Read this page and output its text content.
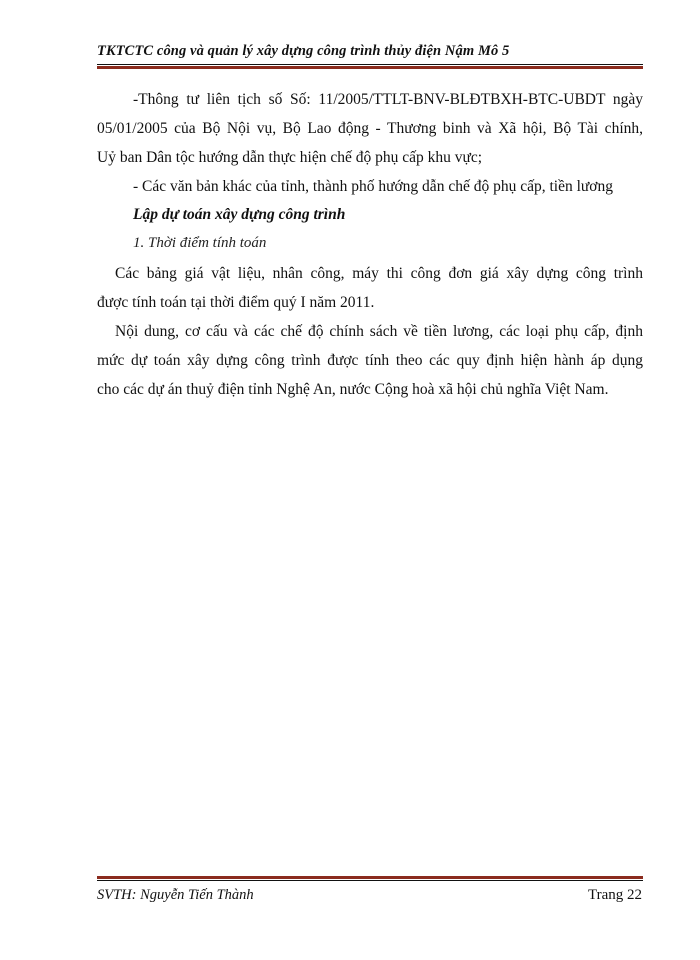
TKTCTC công và quản lý xây dựng công trình thủy điện Nậm Mô 5
-Thông tư liên tịch số Số: 11/2005/TTLT-BNV-BLĐTBXH-BTC-UBDT ngày
05/01/2005 của Bộ Nội vụ, Bộ Lao động - Thương binh và Xã hội, Bộ Tài chính,
Uỷ ban Dân tộc hướng dẫn thực hiện chế độ phụ cấp khu vực;
- Các văn bản khác của tỉnh, thành phố hướng dẫn chế độ phụ cấp, tiền lương
Lập dự toán xây dựng công trình
1. Thời điểm tính toán
Các bảng giá vật liệu, nhân công, máy thi công đơn giá xây dựng công trình
được tính toán tại thời điểm quý I năm 2011.
Nội dung, cơ cấu và các chế độ chính sách về tiền lương, các loại phụ cấp, định
mức dự toán xây dựng công trình được tính theo các quy định hiện hành áp dụng
cho các dự án thuỷ điện tỉnh Nghệ An, nước Cộng hoà xã hội chủ nghĩa Việt Nam.
SVTH: Nguyễn Tiến Thành	Trang 22
